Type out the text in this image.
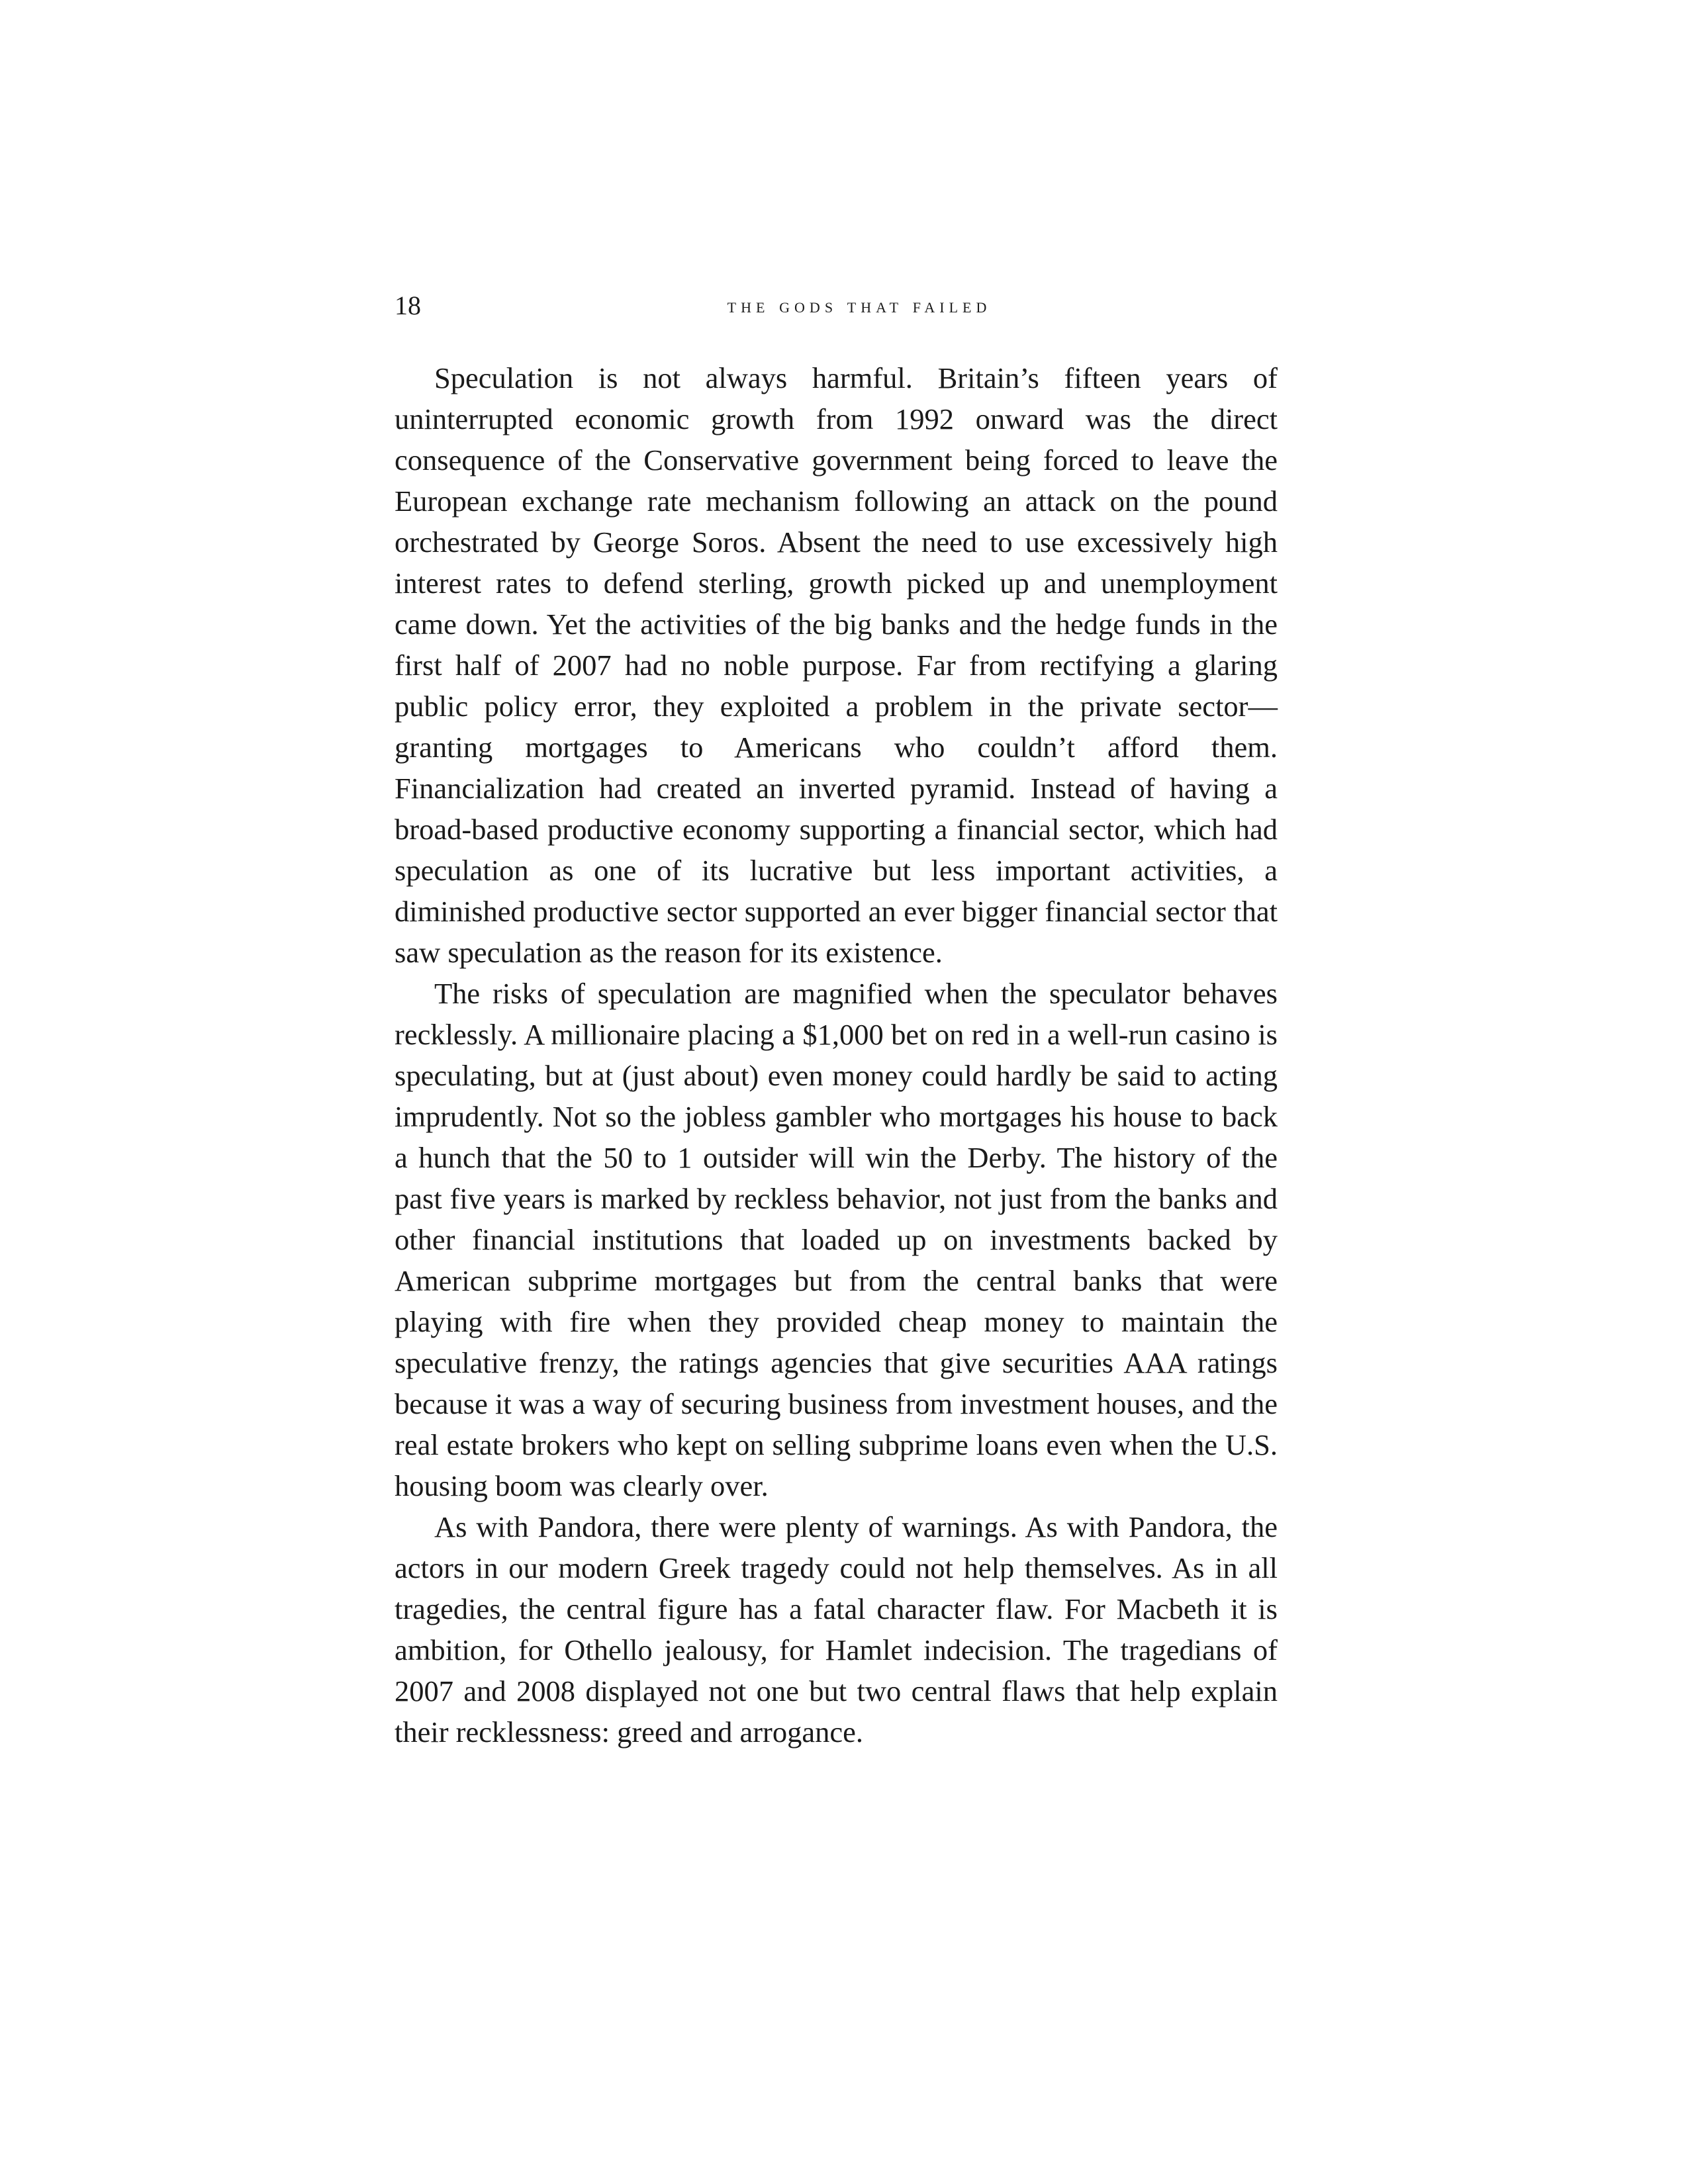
18	the gods that failed

Speculation is not always harmful. Britain’s fifteen years of uninterrupted economic growth from 1992 onward was the direct consequence of the Conservative government being forced to leave the European exchange rate mechanism following an attack on the pound orchestrated by George Soros. Absent the need to use excessively high interest rates to defend sterling, growth picked up and unemployment came down. Yet the activities of the big banks and the hedge funds in the first half of 2007 had no noble purpose. Far from rectifying a glaring public policy error, they exploited a problem in the private sector—granting mortgages to Americans who couldn’t afford them. Financialization had created an inverted pyramid. Instead of having a broad-based productive economy supporting a financial sector, which had speculation as one of its lucrative but less important activities, a diminished productive sector supported an ever bigger financial sector that saw speculation as the reason for its existence.

The risks of speculation are magnified when the speculator behaves recklessly. A millionaire placing a $1,000 bet on red in a well-run casino is speculating, but at (just about) even money could hardly be said to acting imprudently. Not so the jobless gambler who mortgages his house to back a hunch that the 50 to 1 outsider will win the Derby. The history of the past five years is marked by reckless behavior, not just from the banks and other financial institutions that loaded up on investments backed by American subprime mortgages but from the central banks that were playing with fire when they provided cheap money to maintain the speculative frenzy, the ratings agencies that give securities AAA ratings because it was a way of securing business from investment houses, and the real estate brokers who kept on selling subprime loans even when the U.S. housing boom was clearly over.

As with Pandora, there were plenty of warnings. As with Pandora, the actors in our modern Greek tragedy could not help themselves. As in all tragedies, the central figure has a fatal character flaw. For Macbeth it is ambition, for Othello jealousy, for Hamlet indecision. The tragedians of 2007 and 2008 displayed not one but two central flaws that help explain their recklessness: greed and arrogance.
